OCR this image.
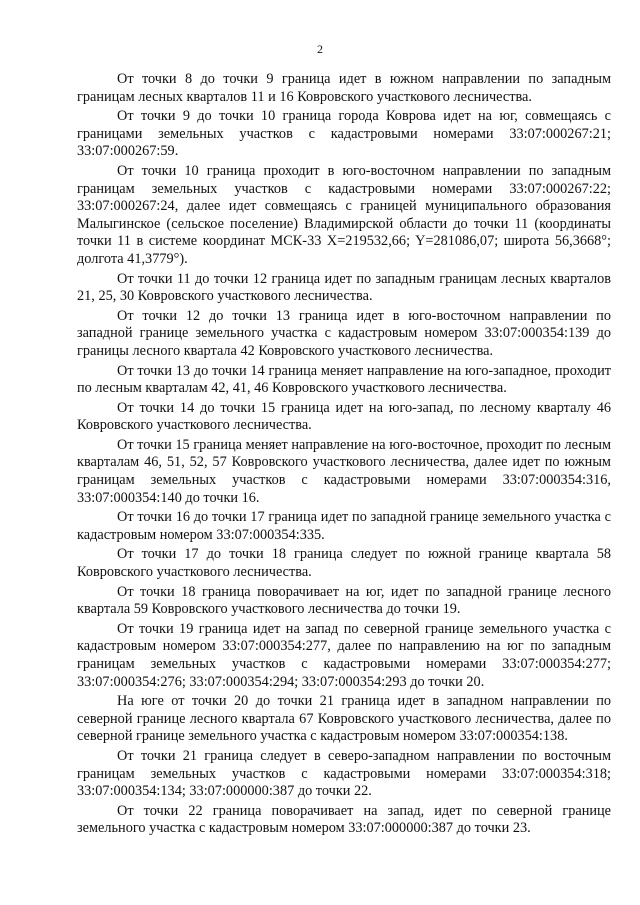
2

От точки 8 до точки 9 граница идет в южном направлении по западным границам лесных кварталов 11 и 16 Ковровского участкового лесничества.

От точки 9 до точки 10 граница города Коврова идет на юг, совмещаясь с границами земельных участков с кадастровыми номерами 33:07:000267:21; 33:07:000267:59.

От точки 10 граница проходит в юго-восточном направлении по западным границам земельных участков с кадастровыми номерами 33:07:000267:22; 33:07:000267:24, далее идет совмещаясь с границей муниципального образования Малыгинское (сельское поселение) Владимирской области до точки 11 (координаты точки 11 в системе координат МСК-33 X=219532,66; Y=281086,07; широта 56,3668°; долгота 41,3779°).

От точки 11 до точки 12 граница идет по западным границам лесных кварталов 21, 25, 30 Ковровского участкового лесничества.

От точки 12 до точки 13 граница идет в юго-восточном направлении по западной границе земельного участка с кадастровым номером 33:07:000354:139 до границы лесного квартала 42 Ковровского участкового лесничества.

От точки 13 до точки 14 граница меняет направление на юго-западное, проходит по лесным кварталам 42, 41, 46 Ковровского участкового лесничества.

От точки 14 до точки 15 граница идет на юго-запад, по лесному кварталу 46 Ковровского участкового лесничества.

От точки 15 граница меняет направление на юго-восточное, проходит по лесным кварталам 46, 51, 52, 57 Ковровского участкового лесничества, далее идет по южным границам земельных участков с кадастровыми номерами 33:07:000354:316, 33:07:000354:140 до точки 16.

От точки 16 до точки 17 граница идет по западной границе земельного участка с кадастровым номером 33:07:000354:335.

От точки 17 до точки 18 граница следует по южной границе квартала 58 Ковровского участкового лесничества.

От точки 18 граница поворачивает на юг, идет по западной границе лесного квартала 59 Ковровского участкового лесничества до точки 19.

От точки 19 граница идет на запад по северной границе земельного участка с кадастровым номером 33:07:000354:277, далее по направлению на юг по западным границам земельных участков с кадастровыми номерами 33:07:000354:277; 33:07:000354:276; 33:07:000354:294; 33:07:000354:293 до точки 20.

На юге от точки 20 до точки 21 граница идет в западном направлении по северной границе лесного квартала 67 Ковровского участкового лесничества, далее по северной границе земельного участка с кадастровым номером 33:07:000354:138.

От точки 21 граница следует в северо-западном направлении по восточным границам земельных участков с кадастровыми номерами 33:07:000354:318; 33:07:000354:134; 33:07:000000:387 до точки 22.

От точки 22 граница поворачивает на запад, идет по северной границе земельного участка с кадастровым номером 33:07:000000:387 до точки 23.
